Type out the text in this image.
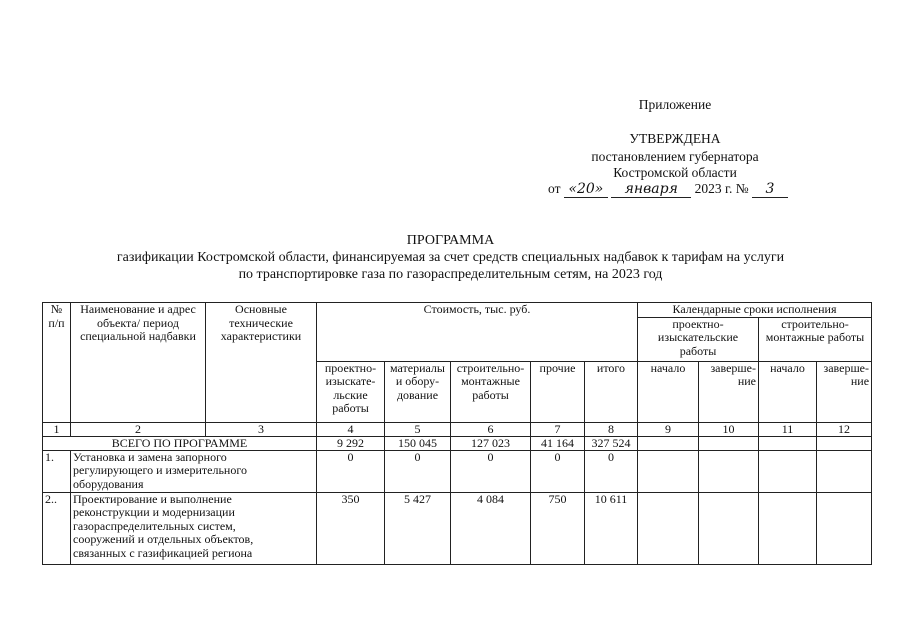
Приложение
УТВЕРЖДЕНА
постановлением губернатора
Костромской области
от «20» января 2023 г. № 3
ПРОГРАММА
газификации Костромской области, финансируемая за счет средств специальных надбавок к тарифам на услуги
по транспортировке газа по газораспределительным сетям, на 2023 год
№ п/п	Наименование и адрес объекта/ период специальной надбавки	Основные технические характеристики	Стоимость, тыс. руб.					Календарные сроки исполнения			
								проектно-изыскательские работы		строительно-монтажные работы	
			проектно-изыскате-льские работы	материалы и обору-дование	строительно-монтажные работы	прочие	итого	начало	заверше-ние	начало	заверше-ние
1	2	3	4	5	6	7	8	9	10	11	12
ВСЕГО ПО ПРОГРАММЕ			9 292	150 045	127 023	41 164	327 524				
1.	Установка и замена запорного
регулирующего и измерительного
оборудования		0	0	0	0	0				
2..	Проектирование и выполнение
реконструкции и модернизации
газораспределительных систем,
сооружений и отдельных объектов,
связанных с газификацией региона		350	5 427	4 084	750	10 611				
